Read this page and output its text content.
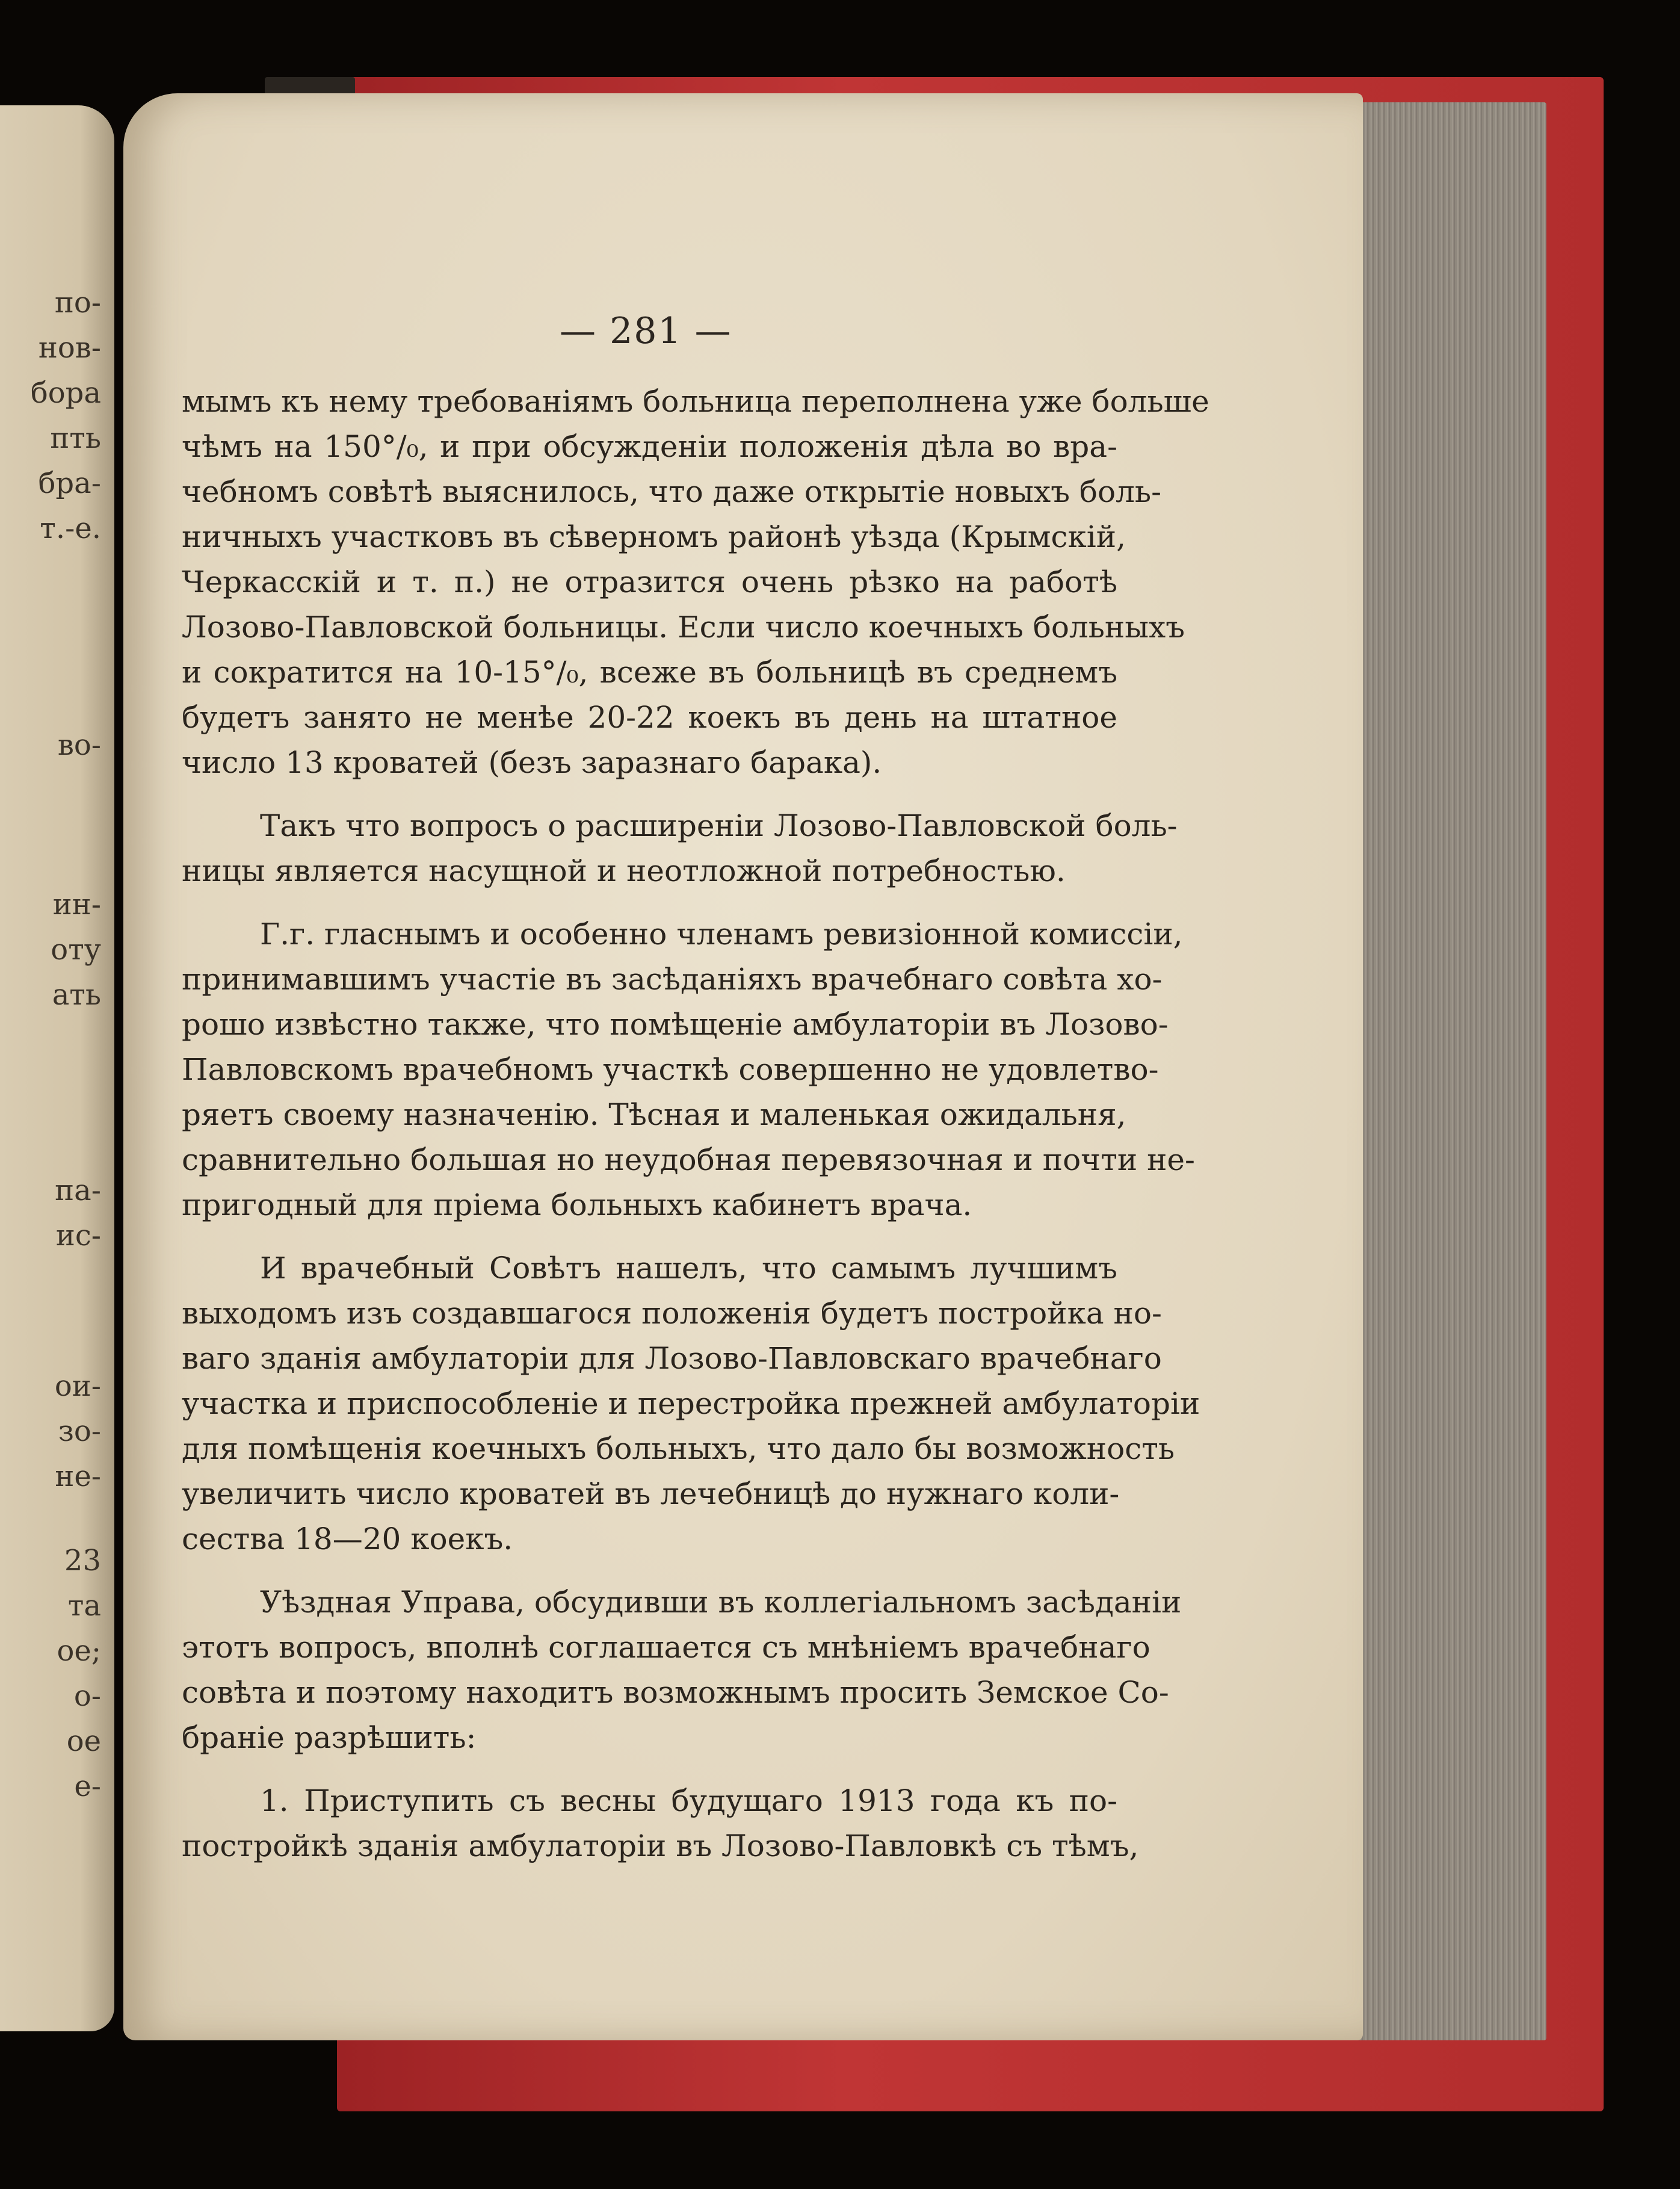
по-
нов-
бора
пть
бра-
т.-е.
во-
ин-
оту
ать
па-
ис-
ои-
зо-
не-
23
та
ое;
о-
ое
е-
— 281 —
мымъ къ нему требованіямъ больница переполнена уже больше
чѣмъ на 150°/₀, и при обсужденіи положенія дѣла во вра-
чебномъ совѣтѣ выяснилось, что даже открытіе новыхъ боль-
ничныхъ участковъ въ сѣверномъ районѣ уѣзда (Крымскій,
Черкасскій и т. п.) не отразится очень рѣзко на работѣ
Лозово-Павловской больницы. Если число коечныхъ больныхъ
и сократится на 10-15°/₀, всеже въ больницѣ въ среднемъ
будетъ занято не менѣе 20-22 коекъ въ день на штатное
число 13 кроватей (безъ заразнаго барака).
Такъ что вопросъ о расширеніи Лозово-Павловской боль-
ницы является насущной и неотложной потребностью.
Г.г. гласнымъ и особенно членамъ ревизіонной комиссіи,
принимавшимъ участіе въ засѣданіяхъ врачебнаго совѣта хо-
рошо извѣстно также, что помѣщеніе амбулаторіи въ Лозово-
Павловскомъ врачебномъ участкѣ совершенно не удовлетво-
ряетъ своему назначенію. Тѣсная и маленькая ожидальня,
сравнительно большая но неудобная перевязочная и почти не-
пригодный для пріема больныхъ кабинетъ врача.
И врачебный Совѣтъ нашелъ, что самымъ лучшимъ
выходомъ изъ создавшагося положенія будетъ постройка но-
ваго зданія амбулаторіи для Лозово-Павловскаго врачебнаго
участка и приспособленіе и перестройка прежней амбулаторіи
для помѣщенія коечныхъ больныхъ, что дало бы возможность
увеличить число кроватей въ лечебницѣ до нужнаго коли-
сества 18—20 коекъ.
Уѣздная Управа, обсудивши въ коллегіальномъ засѣданіи
этотъ вопросъ, вполнѣ соглашается съ мнѣніемъ врачебнаго
совѣта и поэтому находитъ возможнымъ просить Земское Со-
браніе разрѣшить:
1. Приступить съ весны будущаго 1913 года къ по-
постройкѣ зданія амбулаторіи въ Лозово-Павловкѣ съ тѣмъ,
